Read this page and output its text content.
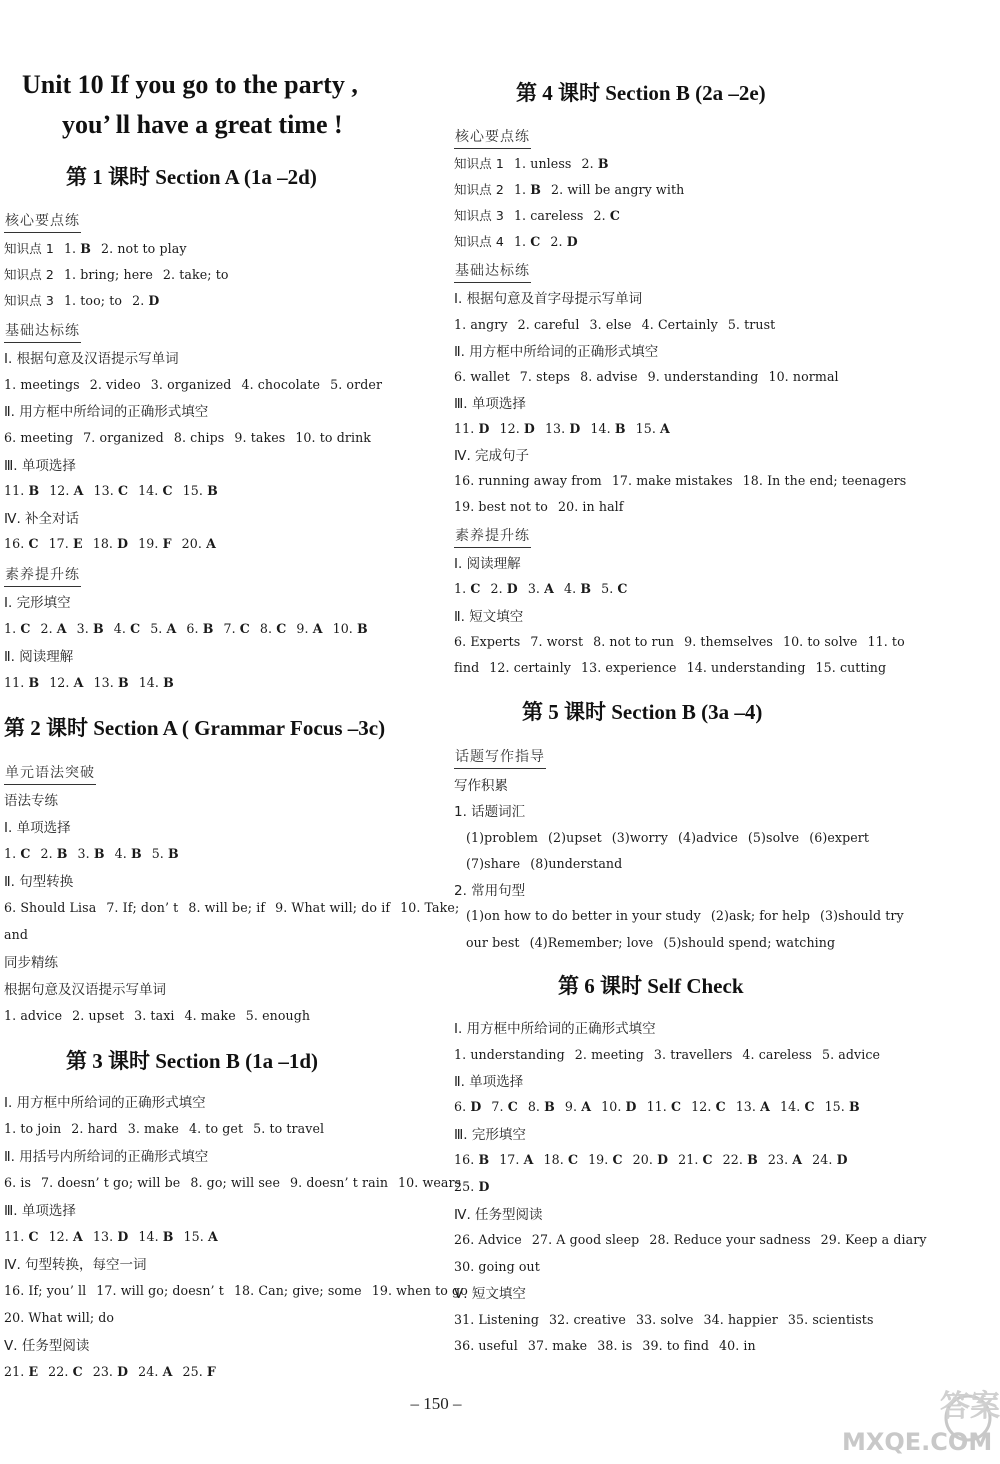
Unit 10 If you go to the party ,
you’ ll have a great time !
第 1 课时 Section A (1a –2d)
核心要点练
知识点 1 1. B 2. not to play
知识点 2 1. bring; here 2. take; to
知识点 3 1. too; to 2. D
基础达标练
Ⅰ. 根据句意及汉语提示写单词
1. meetings 2. video 3. organized 4. chocolate 5. order
Ⅱ. 用方框中所给词的正确形式填空
6. meeting 7. organized 8. chips 9. takes 10. to drink
Ⅲ. 单项选择
11. B 12. A 13. C 14. C 15. B
Ⅳ. 补全对话
16. C 17. E 18. D 19. F 20. A
素养提升练
Ⅰ. 完形填空
1. C 2. A 3. B 4. C 5. A 6. B 7. C 8. C 9. A 10. B
Ⅱ. 阅读理解
11. B 12. A 13. B 14. B
第 2 课时 Section A ( Grammar Focus –3c)
单元语法突破
语法专练
Ⅰ. 单项选择
1. C 2. B 3. B 4. B 5. B
Ⅱ. 句型转换
6. Should Lisa 7. If; don’ t 8. will be; if 9. What will; do if 10. Take;
and
同步精练
根据句意及汉语提示写单词
1. advice 2. upset 3. taxi 4. make 5. enough
第 3 课时 Section B (1a –1d)
Ⅰ. 用方框中所给词的正确形式填空
1. to join 2. hard 3. make 4. to get 5. to travel
Ⅱ. 用括号内所给词的正确形式填空
6. is 7. doesn’ t go; will be 8. go; will see 9. doesn’ t rain 10. wears
Ⅲ. 单项选择
11. C 12. A 13. D 14. B 15. A
Ⅳ. 句型转换，每空一词
16. If; you’ ll 17. will go; doesn’ t 18. Can; give; some 19. when to go
20. What will; do
Ⅴ. 任务型阅读
21. E 22. C 23. D 24. A 25. F
第 4 课时 Section B (2a –2e)
核心要点练
知识点 1 1. unless 2. B
知识点 2 1. B 2. will be angry with
知识点 3 1. careless 2. C
知识点 4 1. C 2. D
基础达标练
Ⅰ. 根据句意及首字母提示写单词
1. angry 2. careful 3. else 4. Certainly 5. trust
Ⅱ. 用方框中所给词的正确形式填空
6. wallet 7. steps 8. advise 9. understanding 10. normal
Ⅲ. 单项选择
11. D 12. D 13. D 14. B 15. A
Ⅳ. 完成句子
16. running away from 17. make mistakes 18. In the end; teenagers
19. best not to 20. in half
素养提升练
Ⅰ. 阅读理解
1. C 2. D 3. A 4. B 5. C
Ⅱ. 短文填空
6. Experts 7. worst 8. not to run 9. themselves 10. to solve 11. to
find 12. certainly 13. experience 14. understanding 15. cutting
第 5 课时 Section B (3a –4)
话题写作指导
写作积累
1. 话题词汇
(1)problem (2)upset (3)worry (4)advice (5)solve (6)expert
(7)share (8)understand
2. 常用句型
(1)on how to do better in your study (2)ask; for help (3)should try
our best (4)Remember; love (5)should spend; watching
第 6 课时 Self Check
Ⅰ. 用方框中所给词的正确形式填空
1. understanding 2. meeting 3. travellers 4. careless 5. advice
Ⅱ. 单项选择
6. D 7. C 8. B 9. A 10. D 11. C 12. C 13. A 14. C 15. B
Ⅲ. 完形填空
16. B 17. A 18. C 19. C 20. D 21. C 22. B 23. A 24. D
25. D
Ⅳ. 任务型阅读
26. Advice 27. A good sleep 28. Reduce your sadness 29. Keep a diary
30. going out
Ⅴ. 短文填空
31. Listening 32. creative 33. solve 34. happier 35. scientists
36. useful 37. make 38. is 39. to find 40. in
– 150 –	答案
MXQE.COM
